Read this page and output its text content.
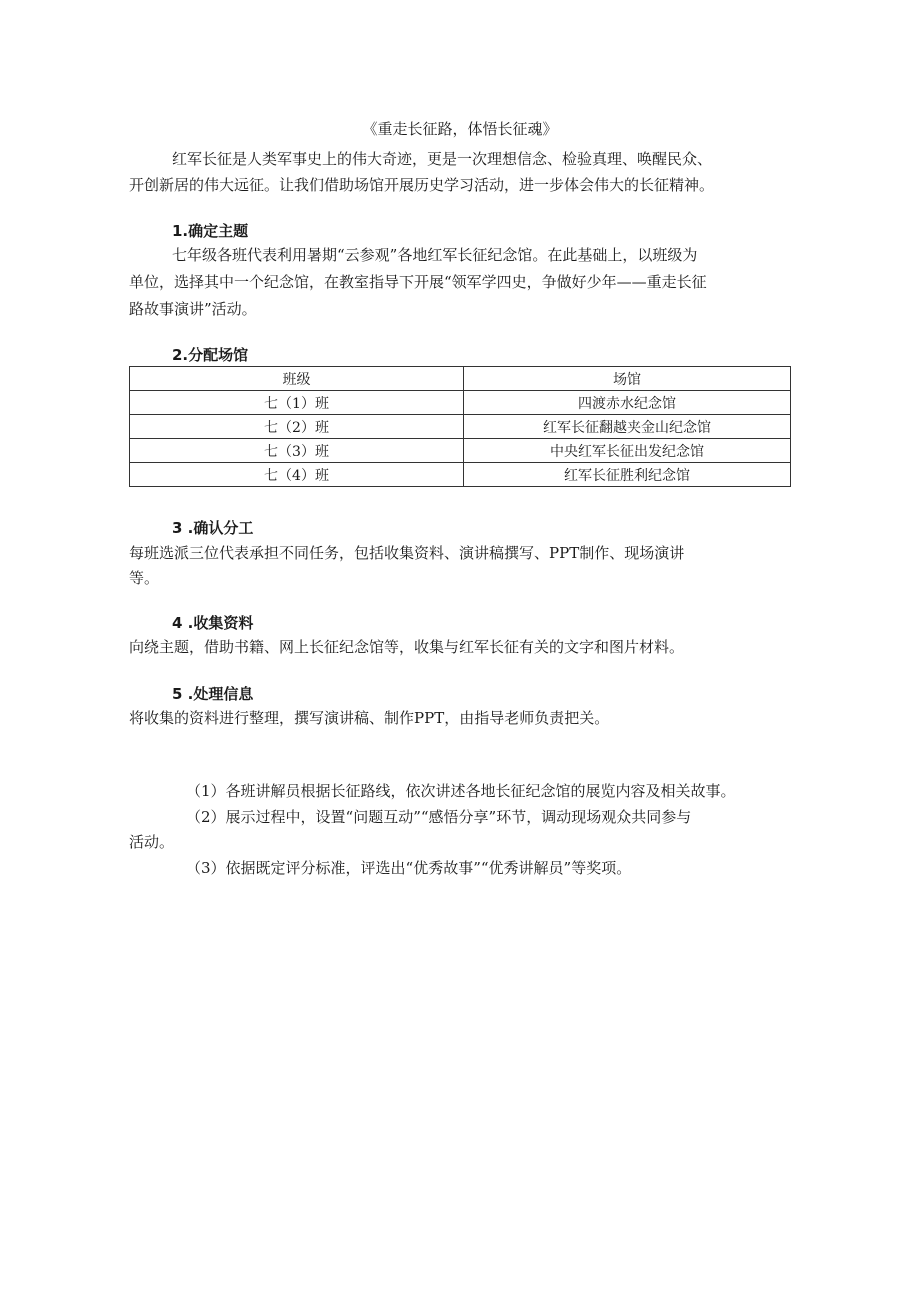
《重走长征路，体悟长征魂》
红军长征是人类军事史上的伟大奇迹，更是一次理想信念、检验真理、唤醒民众、
开创新居的伟大远征。让我们借助场馆开展历史学习活动，进一步体会伟大的长征精神。
1.确定主题
七年级各班代表利用暑期“云参观”各地红军长征纪念馆。在此基础上，以班级为
单位，选择其中一个纪念馆，在教室指导下开展“领军学四史，争做好少年——重走长征
路故事演讲”活动。
2.分配场馆
班级	场馆
七（1）班	四渡赤水纪念馆
七（2）班	红军长征翻越夹金山纪念馆
七（3）班	中央红军长征出发纪念馆
七（4）班	红军长征胜利纪念馆
3 .确认分工
每班选派三位代表承担不同任务，包括收集资料、演讲稿撰写、PPT制作、现场演讲
等。
4 .收集资料
向绕主题，借助书籍、网上长征纪念馆等，收集与红军长征有关的文字和图片材料。
5 .处理信息
将收集的资料进行整理，撰写演讲稿、制作PPT，由指导老师负责把关。
（1）各班讲解员根据长征路线，依次讲述各地长征纪念馆的展览内容及相关故事。
（2）展示过程中，设置“问题互动”“感悟分享”环节，调动现场观众共同参与
活动。
（3）依据既定评分标准，评选出“优秀故事”“优秀讲解员”等奖项。
